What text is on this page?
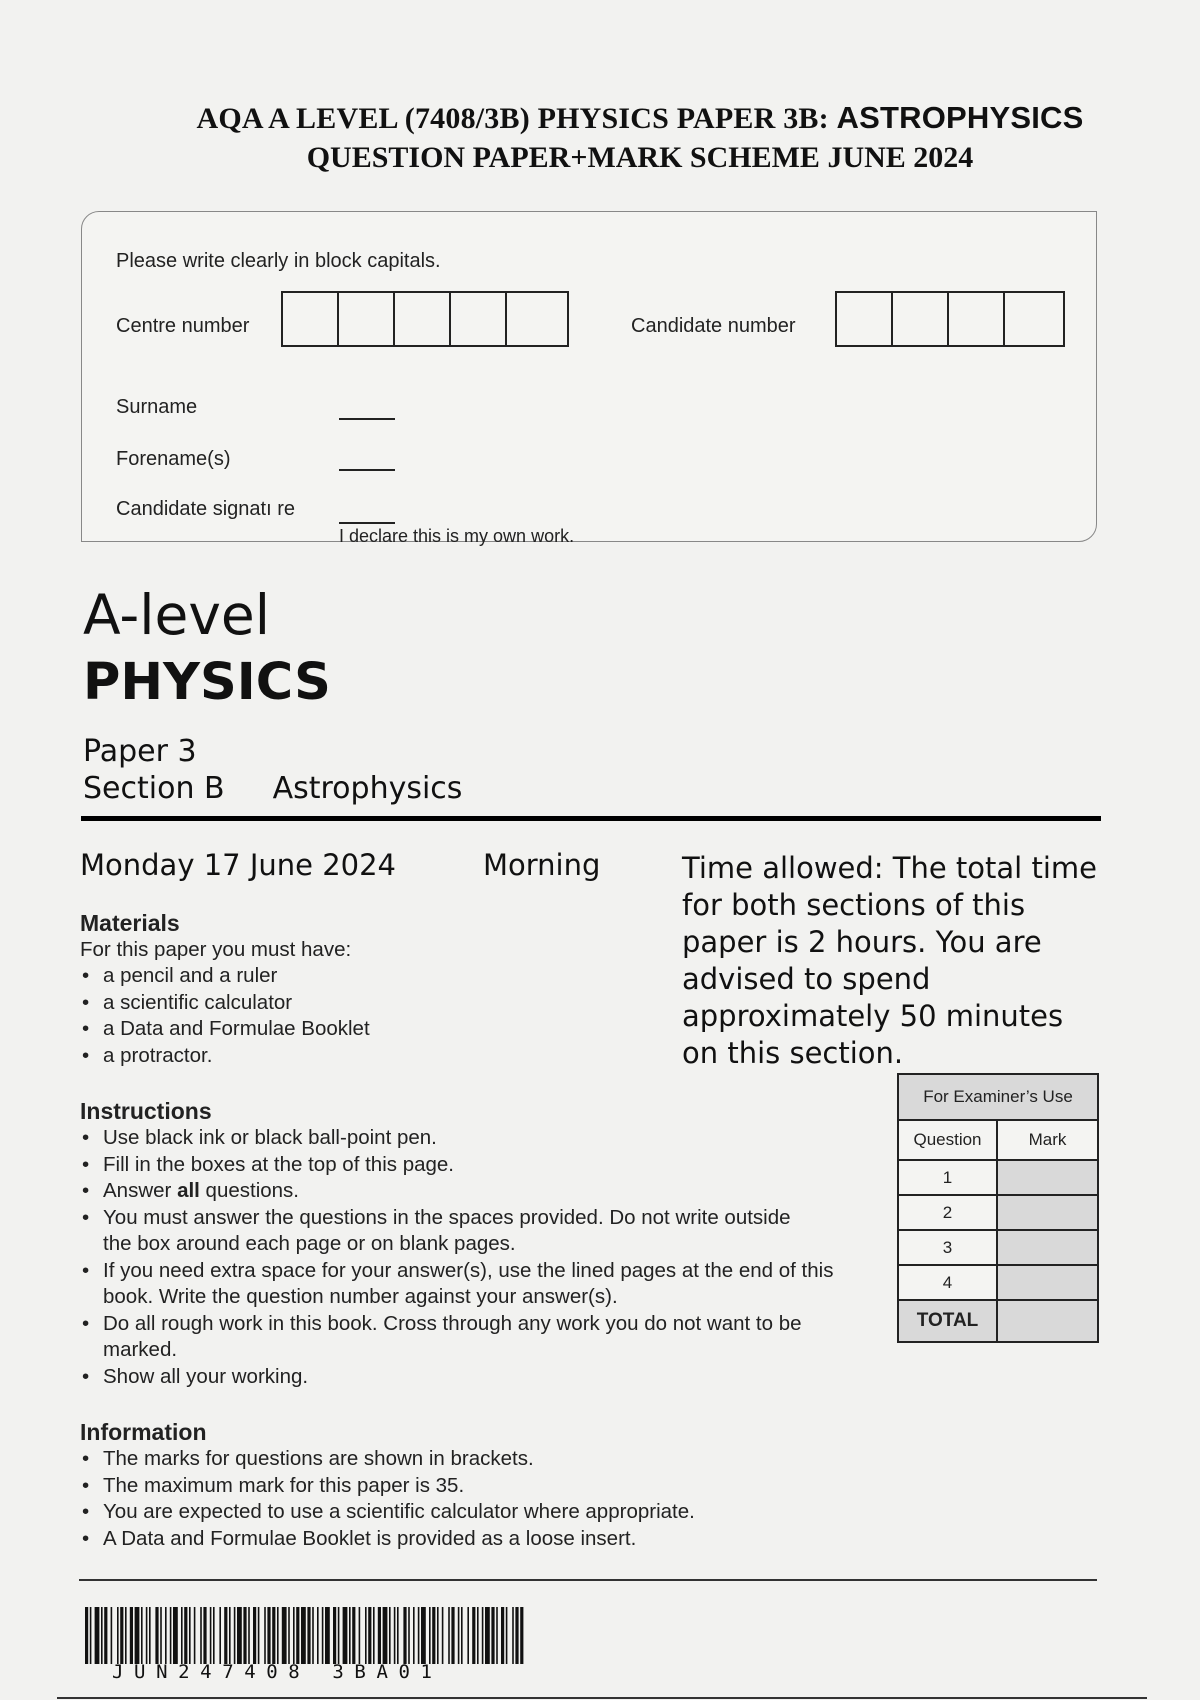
AQA A LEVEL (7408/3B) PHYSICS PAPER 3B: ASTROPHYSICS
QUESTION PAPER+MARK SCHEME JUNE 2024
Please write clearly in block capitals.
Centre number	Candidate number
Surname
Forename(s)
Candidate signatı re
I declare this is my own work.
A-level
PHYSICS
Paper 3
Section B Astrophysics
Monday 17 June 2024	Morning	Time allowed: The total time for both sections of this paper is 2 hours. You are advised to spend approximately 50 minutes on this section.
Materials
For this paper you must have:
• a pencil and a ruler
• a scientific calculator
• a Data and Formulae Booklet
• a protractor.
Instructions
• Use black ink or black ball-point pen.
• Fill in the boxes at the top of this page.
• Answer all questions.
• You must answer the questions in the spaces provided. Do not write outside the box around each page or on blank pages.
• If you need extra space for your answer(s), use the lined pages at the end of this book. Write the question number against your answer(s).
• Do all rough work in this book. Cross through any work you do not want to be marked.
• Show all your working.
Information
• The marks for questions are shown in brackets.
• The maximum mark for this paper is 35.
• You are expected to use a scientific calculator where appropriate.
• A Data and Formulae Booklet is provided as a loose insert.
For Examiner’s Use	
Question	Mark
1	
2	
3	
4	
TOTAL	
JUN247408 3BA01
